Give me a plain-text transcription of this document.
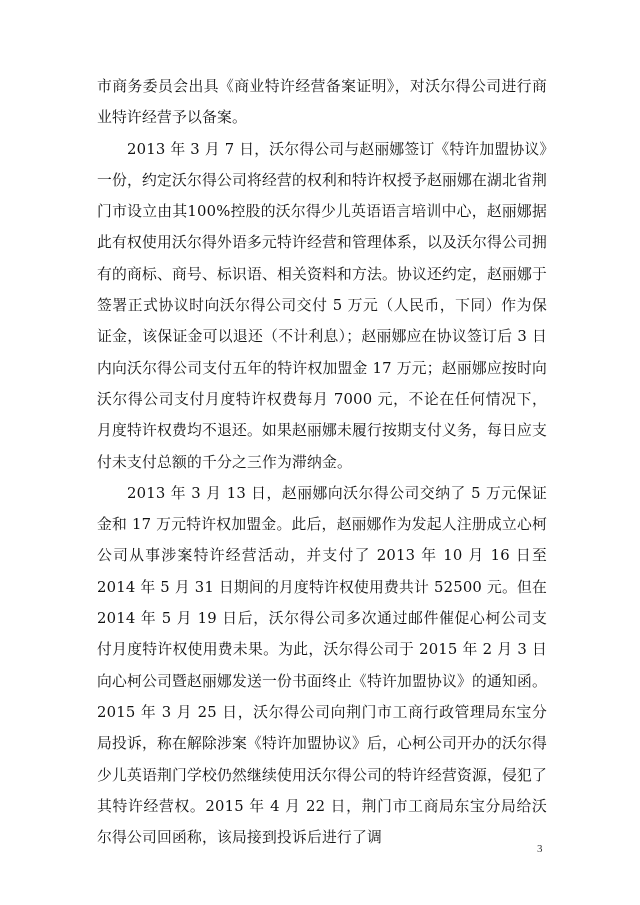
市商务委员会出具《商业特许经营备案证明》，对沃尔得公司进行商业特许经营予以备案。

2013 年 3 月 7 日，沃尔得公司与赵丽娜签订《特许加盟协议》一份，约定沃尔得公司将经营的权利和特许权授予赵丽娜在湖北省荆门市设立由其100%控股的沃尔得少儿英语语言培训中心，赵丽娜据此有权使用沃尔得外语多元特许经营和管理体系，以及沃尔得公司拥有的商标、商号、标识语、相关资料和方法。协议还约定，赵丽娜于签署正式协议时向沃尔得公司交付 5 万元（人民币，下同）作为保证金，该保证金可以退还（不计利息）；赵丽娜应在协议签订后 3 日内向沃尔得公司支付五年的特许权加盟金 17 万元；赵丽娜应按时向沃尔得公司支付月度特许权费每月 7000 元，不论在任何情况下，月度特许权费均不退还。如果赵丽娜未履行按期支付义务，每日应支付未支付总额的千分之三作为滞纳金。

2013 年 3 月 13 日，赵丽娜向沃尔得公司交纳了 5 万元保证金和 17 万元特许权加盟金。此后，赵丽娜作为发起人注册成立心柯公司从事涉案特许经营活动，并支付了 2013 年 10 月 16 日至 2014 年 5 月 31 日期间的月度特许权使用费共计 52500 元。但在 2014 年 5 月 19 日后，沃尔得公司多次通过邮件催促心柯公司支付月度特许权使用费未果。为此，沃尔得公司于 2015 年 2 月 3 日向心柯公司暨赵丽娜发送一份书面终止《特许加盟协议》的通知函。2015 年 3 月 25 日，沃尔得公司向荆门市工商行政管理局东宝分局投诉，称在解除涉案《特许加盟协议》后，心柯公司开办的沃尔得少儿英语荆门学校仍然继续使用沃尔得公司的特许经营资源，侵犯了其特许经营权。2015 年 4 月 22 日，荆门市工商局东宝分局给沃尔得公司回函称，该局接到投诉后进行了调

3
